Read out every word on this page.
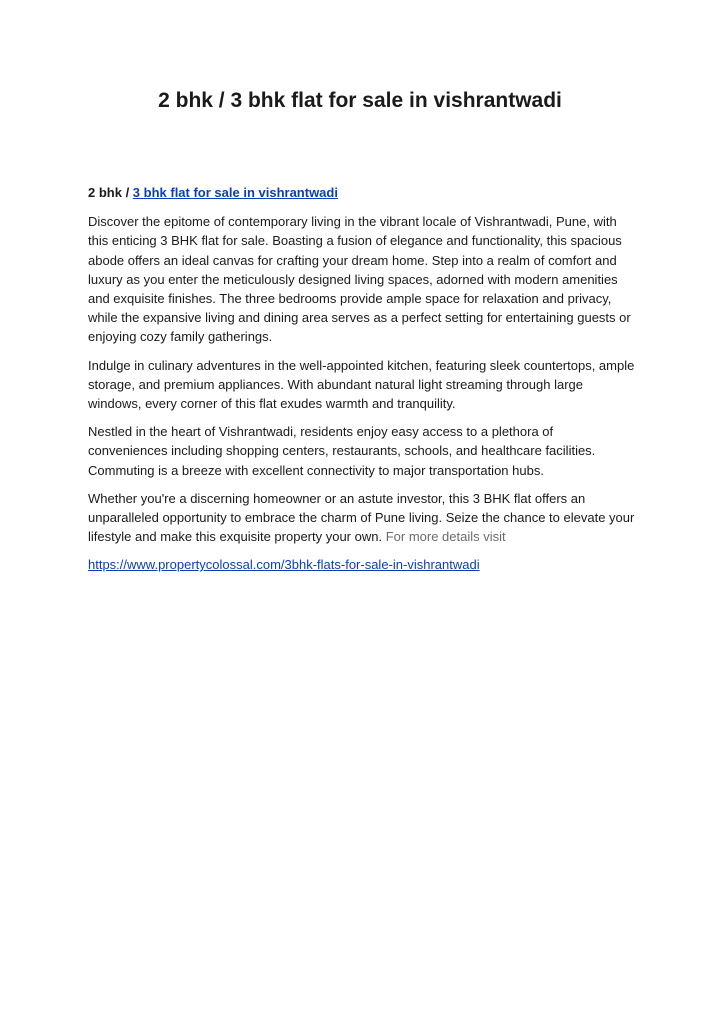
2 bhk / 3 bhk flat for sale in vishrantwadi
2 bhk / 3 bhk flat for sale in vishrantwadi

Discover the epitome of contemporary living in the vibrant locale of Vishrantwadi, Pune, with this enticing 3 BHK flat for sale. Boasting a fusion of elegance and functionality, this spacious abode offers an ideal canvas for crafting your dream home. Step into a realm of comfort and luxury as you enter the meticulously designed living spaces, adorned with modern amenities and exquisite finishes. The three bedrooms provide ample space for relaxation and privacy, while the expansive living and dining area serves as a perfect setting for entertaining guests or enjoying cozy family gatherings.

Indulge in culinary adventures in the well-appointed kitchen, featuring sleek countertops, ample storage, and premium appliances. With abundant natural light streaming through large windows, every corner of this flat exudes warmth and tranquility.

Nestled in the heart of Vishrantwadi, residents enjoy easy access to a plethora of conveniences including shopping centers, restaurants, schools, and healthcare facilities. Commuting is a breeze with excellent connectivity to major transportation hubs.

Whether you're a discerning homeowner or an astute investor, this 3 BHK flat offers an unparalleled opportunity to embrace the charm of Pune living. Seize the chance to elevate your lifestyle and make this exquisite property your own. For more details visit

https://www.propertycolossal.com/3bhk-flats-for-sale-in-vishrantwadi
